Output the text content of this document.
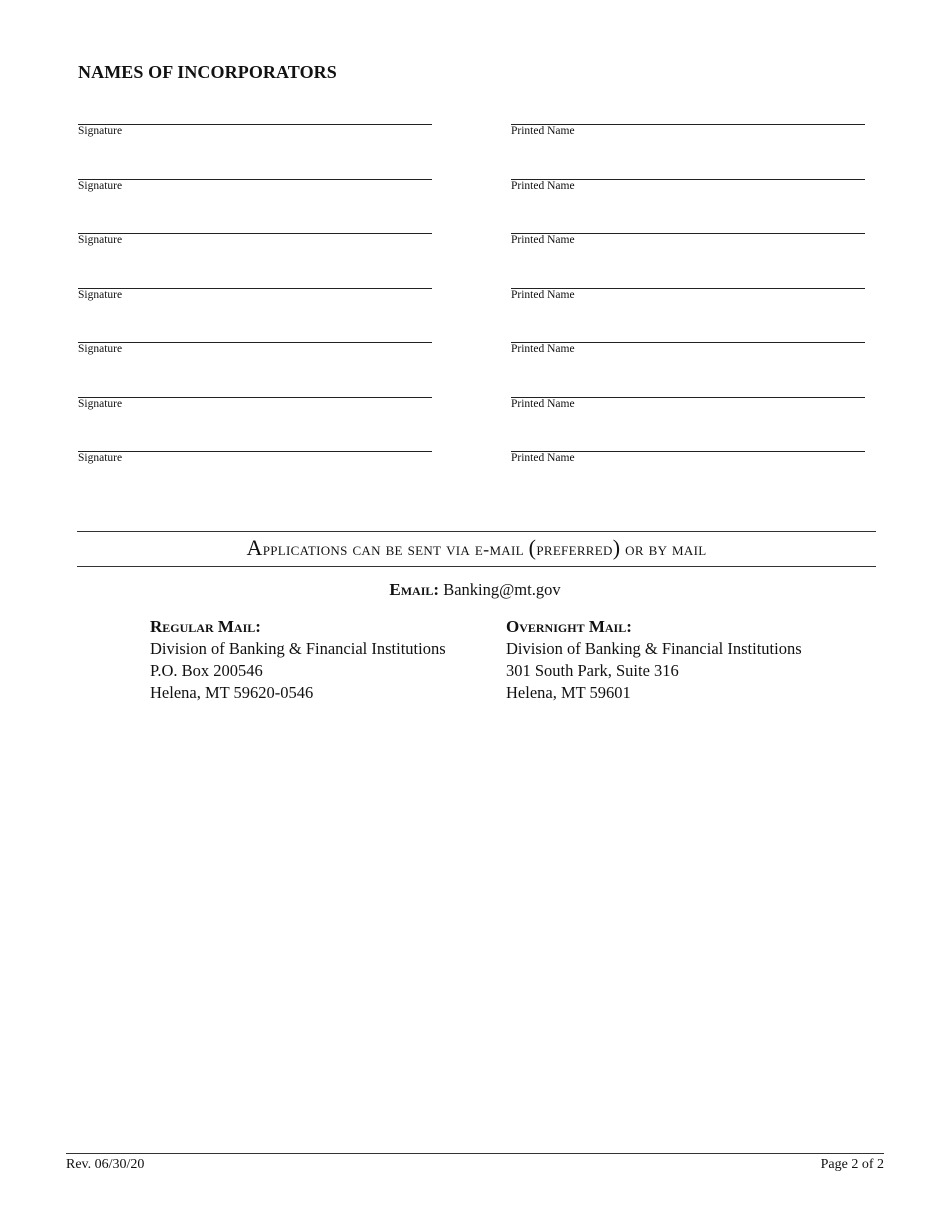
NAMES OF INCORPORATORS
Signature	Printed Name
Signature	Printed Name
Signature	Printed Name
Signature	Printed Name
Signature	Printed Name
Signature	Printed Name
Signature	Printed Name
Applications can be sent via e-mail (preferred) or by mail
Email: Banking@mt.gov
Regular Mail:
Division of Banking & Financial Institutions
P.O. Box 200546
Helena, MT 59620-0546
Overnight Mail:
Division of Banking & Financial Institutions
301 South Park, Suite 316
Helena, MT 59601
Rev. 06/30/20	Page 2 of 2
